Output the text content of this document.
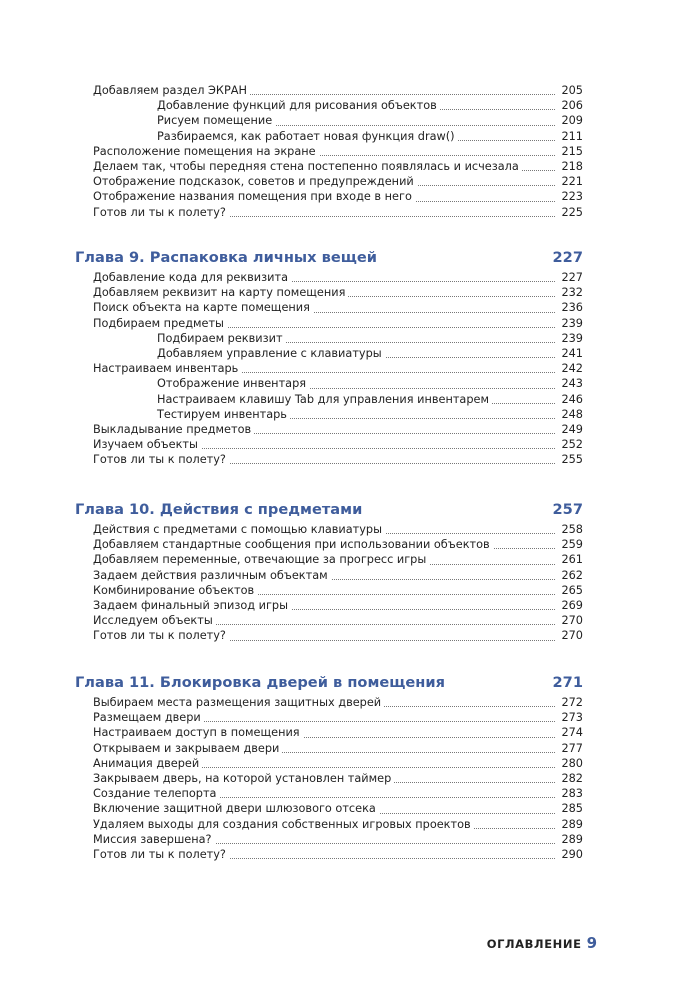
Добавляем раздел ЭКРАН	205
Добавление функций для рисования объектов	206
Рисуем помещение	209
Разбираемся, как работает новая функция draw()	211
Расположение помещения на экране	215
Делаем так, чтобы передняя стена постепенно появлялась и исчезала	218
Отображение подсказок, советов и предупреждений	221
Отображение названия помещения при входе в него	223
Готов ли ты к полету?	225
Глава 9. Распаковка личных вещей	227
Добавление кода для реквизита	227
Добавляем реквизит на карту помещения	232
Поиск объекта на карте помещения	236
Подбираем предметы	239
Подбираем реквизит	239
Добавляем управление с клавиатуры	241
Настраиваем инвентарь	242
Отображение инвентаря	243
Настраиваем клавишу Tab для управления инвентарем	246
Тестируем инвентарь	248
Выкладывание предметов	249
Изучаем объекты	252
Готов ли ты к полету?	255
Глава 10. Действия с предметами	257
Действия с предметами с помощью клавиатуры	258
Добавляем стандартные сообщения при использовании объектов	259
Добавляем переменные, отвечающие за прогресс игры	261
Задаем действия различным объектам	262
Комбинирование объектов	265
Задаем финальный эпизод игры	269
Исследуем объекты	270
Готов ли ты к полету?	270
Глава 11. Блокировка дверей в помещения	271
Выбираем места размещения защитных дверей	272
Размещаем двери	273
Настраиваем доступ в помещения	274
Открываем и закрываем двери	277
Анимация дверей	280
Закрываем дверь, на которой установлен таймер	282
Создание телепорта	283
Включение защитной двери шлюзового отсека	285
Удаляем выходы для создания собственных игровых проектов	289
Миссия завершена?	289
Готов ли ты к полету?	290
ОГЛАВЛЕНИЕ 9
